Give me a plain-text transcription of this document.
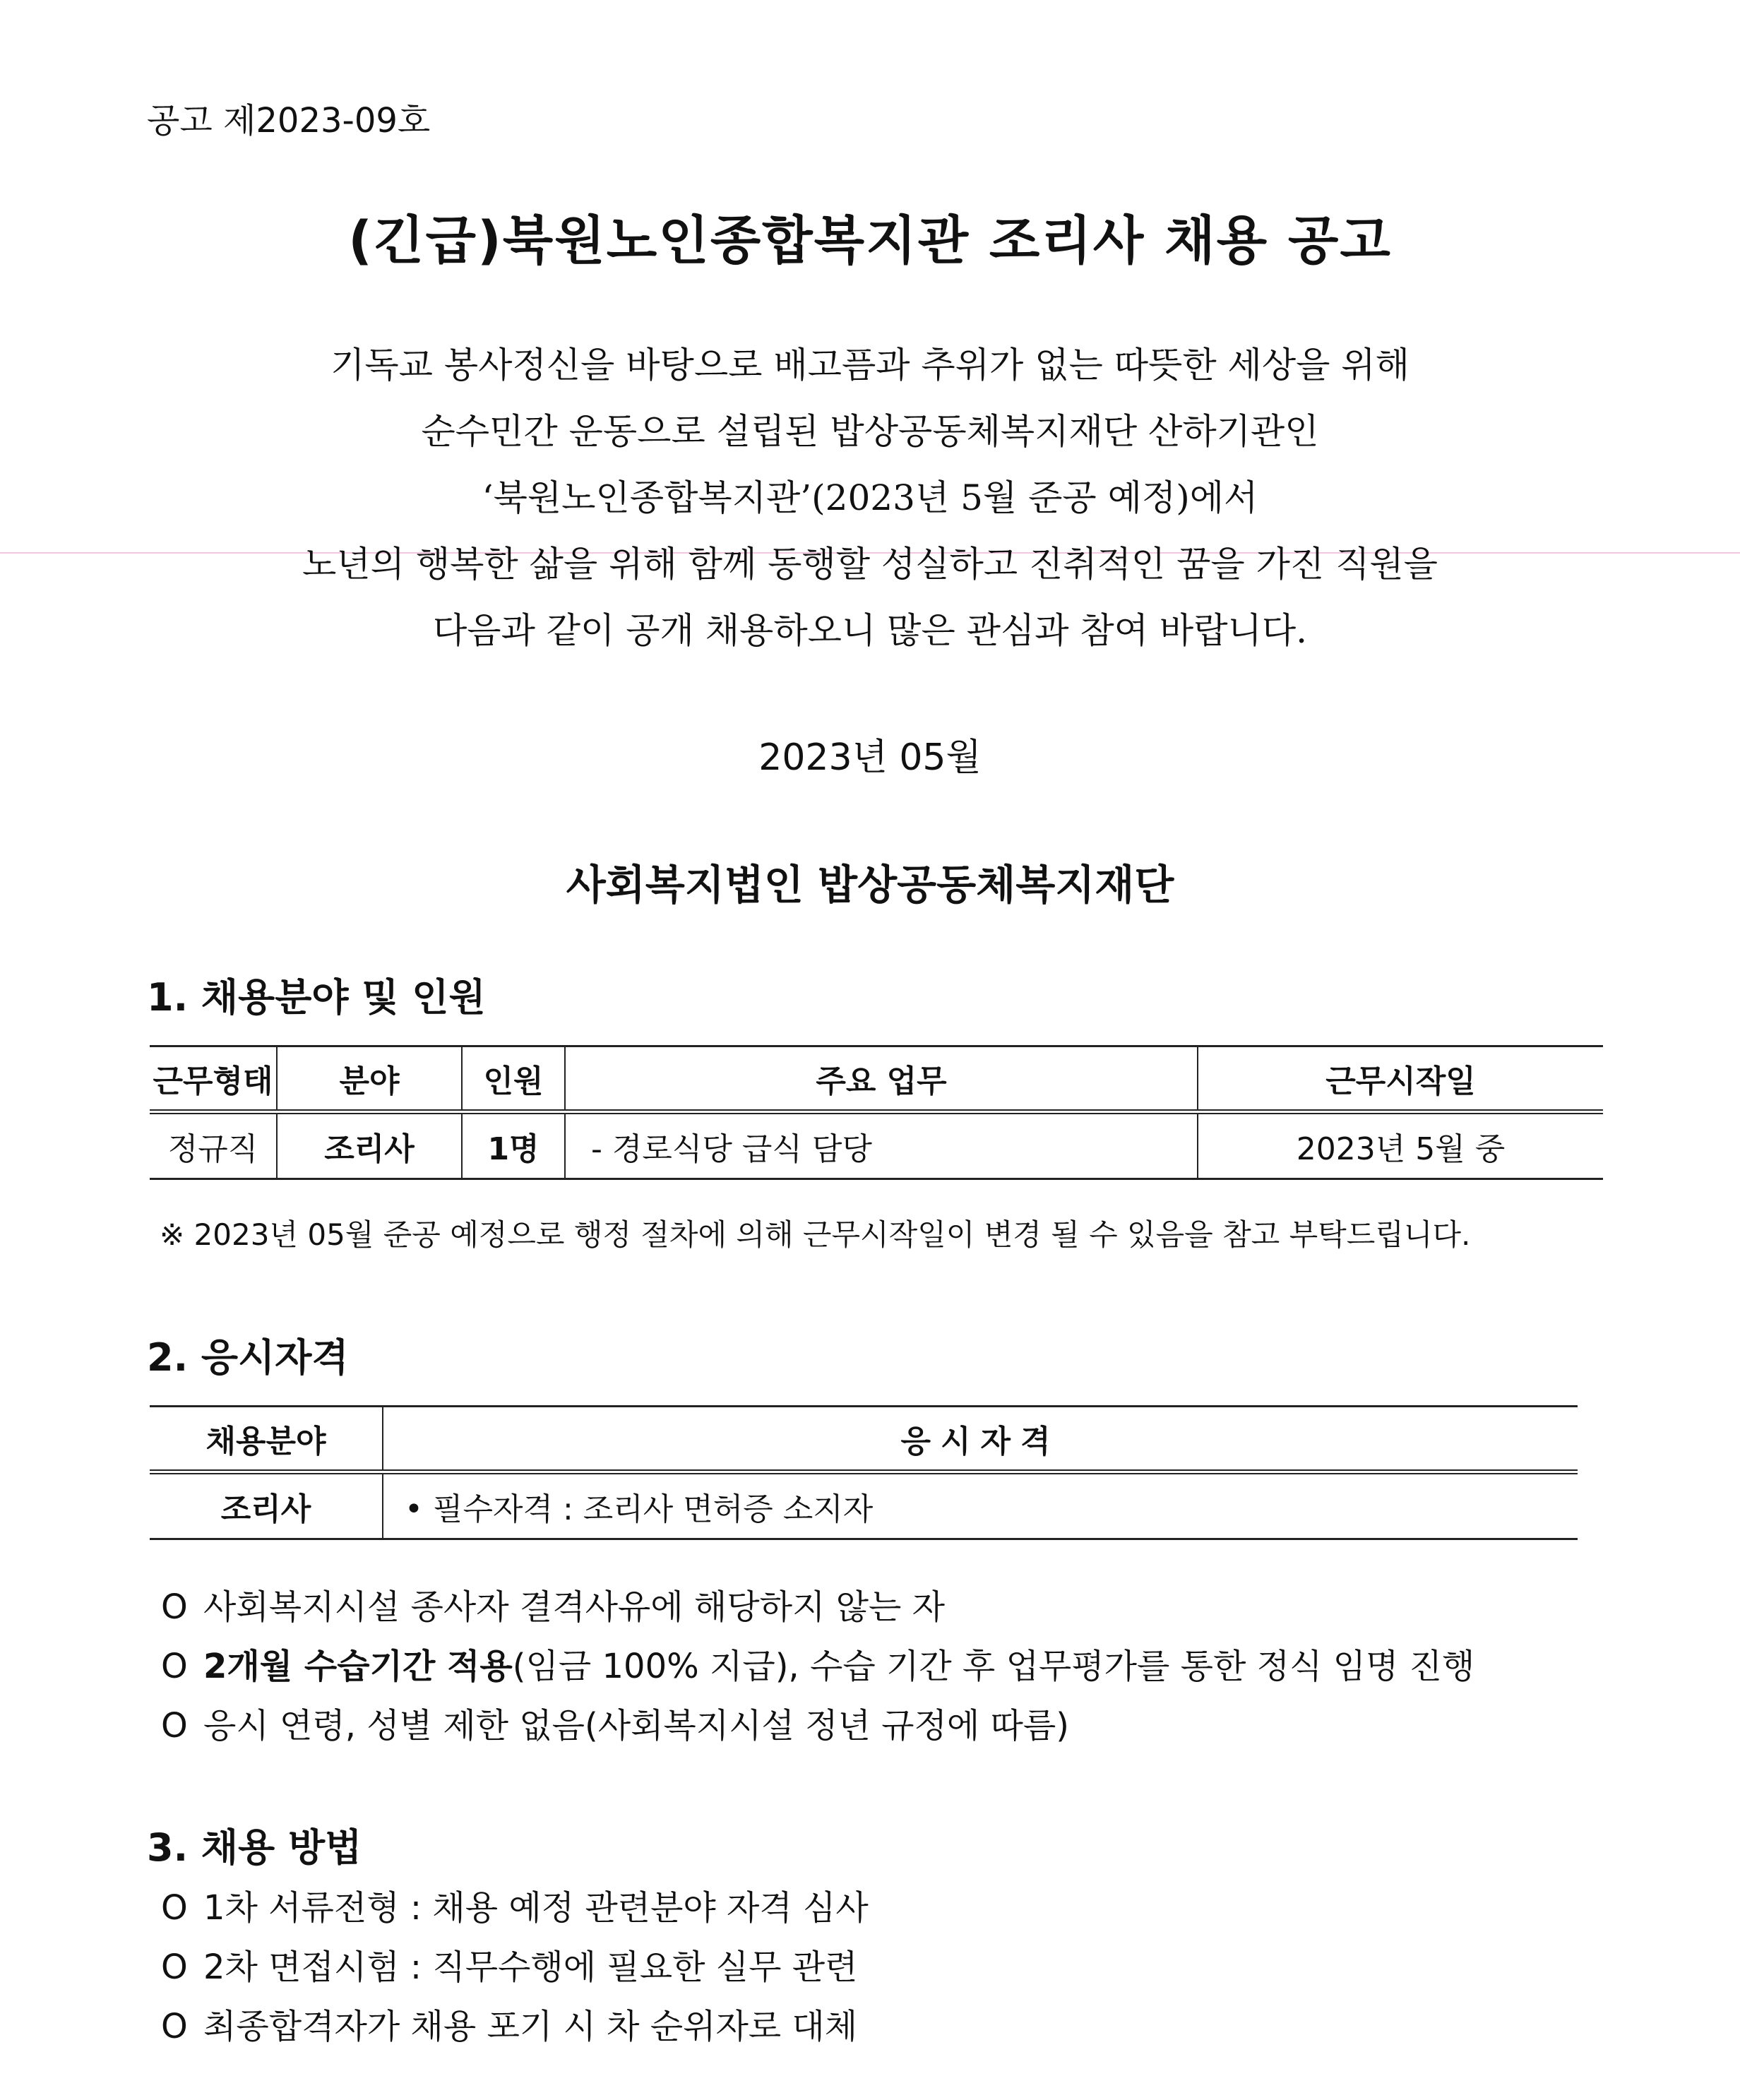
공고 제2023-09호
(긴급)북원노인종합복지관 조리사 채용 공고
기독교 봉사정신을 바탕으로 배고픔과 추위가 없는 따뜻한 세상을 위해
순수민간 운동으로 설립된 밥상공동체복지재단 산하기관인
‘북원노인종합복지관’(2023년 5월 준공 예정)에서
노년의 행복한 삶을 위해 함께 동행할 성실하고 진취적인 꿈을 가진 직원을
다음과 같이 공개 채용하오니 많은 관심과 참여 바랍니다.
2023년 05월
사회복지법인 밥상공동체복지재단
1. 채용분야 및 인원
근무형태	분야	인원	주요 업무	근무시작일
정규직	조리사	1명	- 경로식당 급식 담당	2023년 5월 중
※ 2023년 05월 준공 예정으로 행정 절차에 의해 근무시작일이 변경 될 수 있음을 참고 부탁드립니다.
2. 응시자격
채용분야	응시자격
조리사	• 필수자격 : 조리사 면허증 소지자
O 사회복지시설 종사자 결격사유에 해당하지 않는 자
O 2개월 수습기간 적용(임금 100% 지급), 수습 기간 후 업무평가를 통한 정식 임명 진행
O 응시 연령, 성별 제한 없음(사회복지시설 정년 규정에 따름)
3. 채용 방법
O 1차 서류전형 : 채용 예정 관련분야 자격 심사
O 2차 면접시험 : 직무수행에 필요한 실무 관련
O 최종합격자가 채용 포기 시 차 순위자로 대체
